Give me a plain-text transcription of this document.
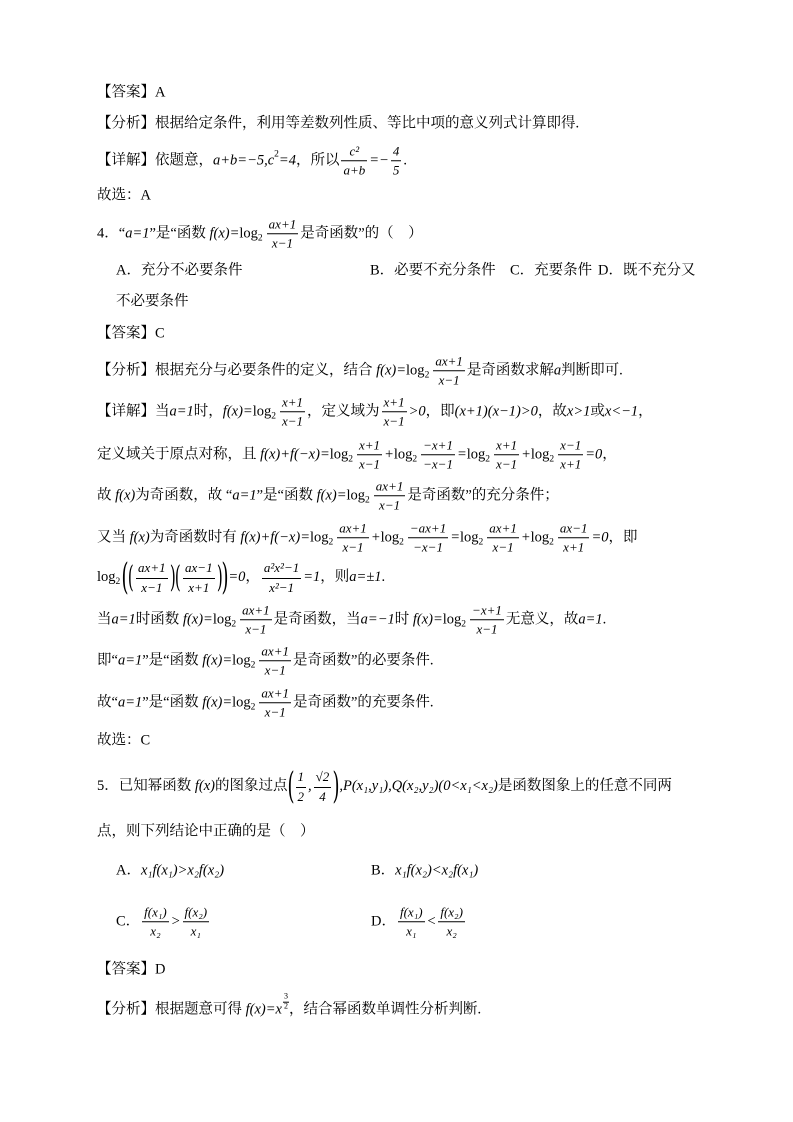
【答案】A
【分析】根据给定条件，利用等差数列性质、等比中项的意义列式计算即得.
【详解】依题意， a+b=−5,c 2 =4 ，所以 $\frac{\text{c²}}{a+b} =- \frac{4}{5}$ .
故选：A
4．“ a=1 ”是“函数 $f(x)= \log 2 \frac{ax+1}{x-1}$ 是奇函数”的（    ）
A．充分不必要条件	B．必要不充分条件 C．充要条件 D．既不充分又
不必要条件
【答案】C
【分析】根据充分与必要条件的定义，结合 $f(x)= \log 2 \frac{ax+1}{x-1}$ 是奇函数求解 a 判断即可.
【详解】当 a=1 时， $f(x)= \log 2 \frac{x+1}{x-1}$ ，定义域为 $\frac{x+1}{x-1} >0$ ，即 (x+1)(x−1)>0 ，故 x>1 或 x<−1 ，
定义域关于原点对称，且 $f(x)+f(-x)= \log 2 \frac{x+1}{x-1} + \log 2 \frac{-x+1}{-x-1} = \log 2 \frac{x+1}{x-1} + \log 2 \frac{x-1}{x+1} =0$ ，
故 f(x) 为奇函数，故 “ a=1 ”是“函数 $f(x)= \log 2 \frac{ax+1}{x-1}$ 是奇函数”的充分条件；
又当 f(x) 为奇函数时有 $f(x)+f(-x)= \log 2 \frac{ax+1}{x-1} + \log 2 \frac{-ax+1}{-x-1} = \log 2 \frac{ax+1}{x-1} + \log 2 \frac{ax-1}{x+1} =0$ ，即
log 2 ( ( $\frac{ax+1}{x-1}$ ) ( $\frac{ax-1}{x+1}$ ) ) =0 ， $\frac{\text{a²x²−1}}{\text{x²−1}} =1$ ，则 a=±1 .
当 a=1 时函数 $f(x)= \log 2 \frac{ax+1}{x-1}$ 是奇函数，当 a=−1 时 $f(x)= \log 2 \frac{-x+1}{x-1}$ 无意义，故 a=1 .
即“ a=1 ”是“函数 $f(x)= \log 2 \frac{ax+1}{x-1}$ 是奇函数”的必要条件.
故“ a=1 ”是“函数 $f(x)= \log 2 \frac{ax+1}{x-1}$ 是奇函数”的充要条件.
故选：C
5．已知幂函数 f(x) 的图象过点 ( $\frac{1}{2}$ , $\frac{√2}{4}$ ) ,P(x₁,y₁),Q(x₂,y₂)(0<x₁<x₂) 是函数图象上的任意不同两
点，则下列结论中正确的是（    ）
A． x₁f(x₁)>x₂f(x₂)	B． x₁f(x₂)<x₂f(x₁)
C． $\frac{\text{f(x₁)}}{\text{x₂}} > \frac{\text{f(x₂)}}{\text{x₁}}$	D． $\frac{\text{f(x₁)}}{\text{x₁}} < \frac{\text{f(x₂)}}{\text{x₂}}$
【答案】D
【分析】根据题意可得 $f(x)=x \frac{3}{2}$ ，结合幂函数单调性分析判断.
